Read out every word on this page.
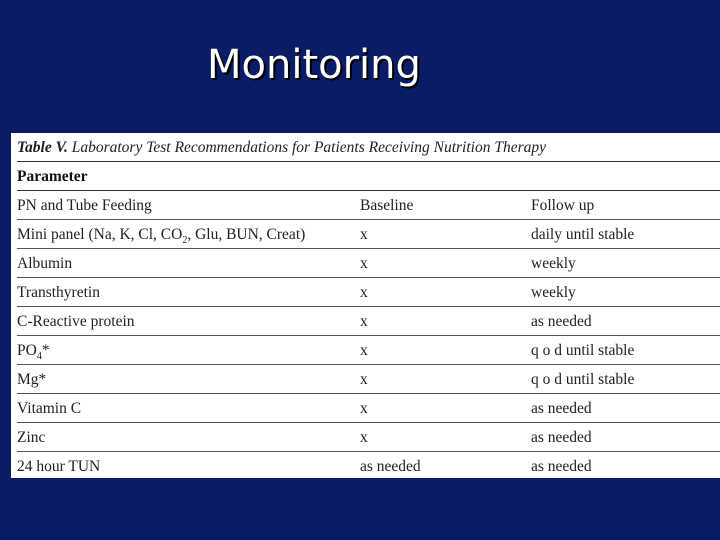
Monitoring
Table V. Laboratory Test Recommendations for Patients Receiving Nutrition Therapy
Parameter
PN and Tube Feeding	Baseline	Follow up
Mini panel (Na, K, Cl, $CO_2$, Glu, BUN, Creat)	x	daily until stable
Albumin	x	weekly
Transthyretin	x	weekly
C-Reactive protein	x	as needed
$PO_4*$	x	q o d until stable
Mg*	x	q o d until stable
Vitamin C	x	as needed
Zinc	x	as needed
24 hour TUN	as needed	as needed
